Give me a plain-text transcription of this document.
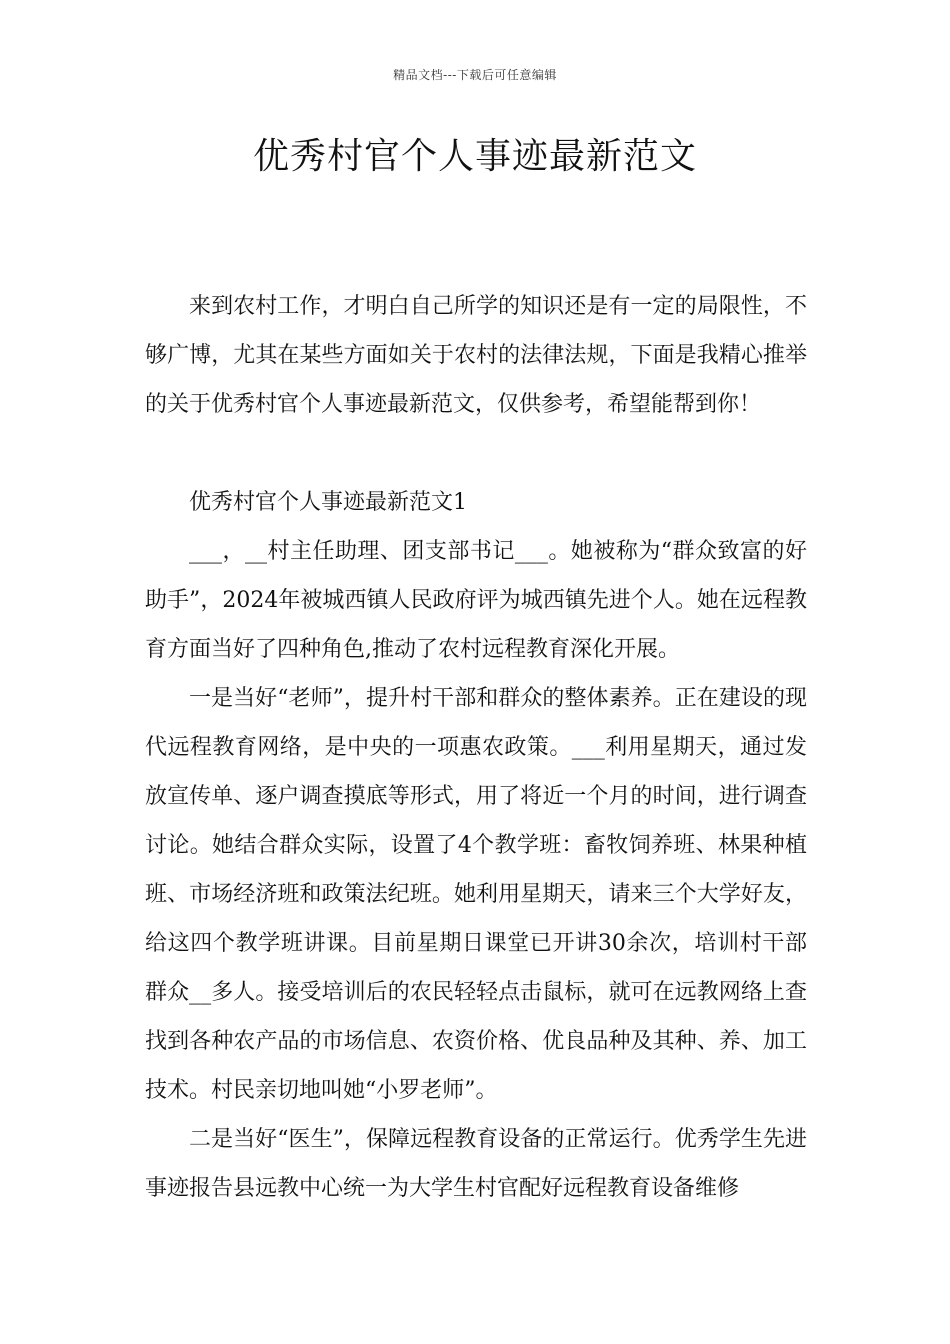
精品文档---下载后可任意编辑
优秀村官个人事迹最新范文

来到农村工作，才明白自己所学的知识还是有一定的局限性，不够广博，尤其在某些方面如关于农村的法律法规，下面是我精心推举的关于优秀村官个人事迹最新范文，仅供参考，希望能帮到你！

优秀村官个人事迹最新范文1

___，__村主任助理、团支部书记___。她被称为“群众致富的好助手”，2024年被城西镇人民政府评为城西镇先进个人。她在远程教育方面当好了四种角色,推动了农村远程教育深化开展。

一是当好“老师”，提升村干部和群众的整体素养。正在建设的现代远程教育网络，是中央的一项惠农政策。___利用星期天，通过发放宣传单、逐户调查摸底等形式，用了将近一个月的时间，进行调查讨论。她结合群众实际，设置了4个教学班：畜牧饲养班、林果种植班、市场经济班和政策法纪班。她利用星期天，请来三个大学好友，给这四个教学班讲课。目前星期日课堂已开讲30余次，培训村干部群众__多人。接受培训后的农民轻轻点击鼠标，就可在远教网络上查找到各种农产品的市场信息、农资价格、优良品种及其种、养、加工技术。村民亲切地叫她“小罗老师”。

二是当好“医生”，保障远程教育设备的正常运行。优秀学生先进事迹报告县远教中心统一为大学生村官配好远程教育设备维修
